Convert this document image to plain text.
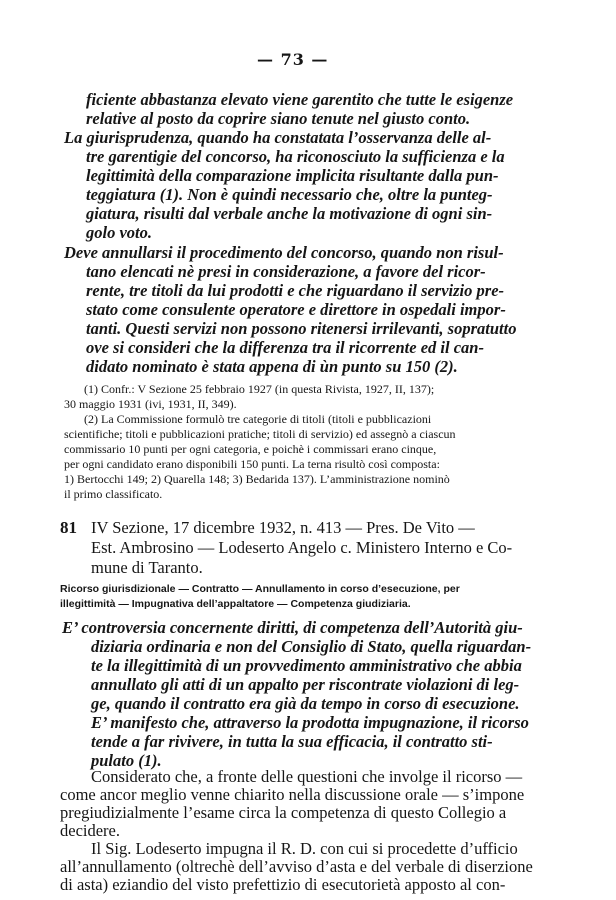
— 73 —
ficiente abbastanza elevato viene garentito che tutte le esigenze
relative al posto da coprire siano tenute nel giusto conto.
La giurisprudenza, quando ha constatata l’osservanza delle al-
tre garentigie del concorso, ha riconosciuto la sufficienza e la
legittimità della comparazione implicita risultante dalla pun-
teggiatura (1). Non è quindi necessario che, oltre la punteg-
giatura, risulti dal verbale anche la motivazione di ogni sin-
golo voto.
Deve annullarsi il procedimento del concorso, quando non risul-
tano elencati nè presi in considerazione, a favore del ricor-
rente, tre titoli da lui prodotti e che riguardano il servizio pre-
stato come consulente operatore e direttore in ospedali impor-
tanti. Questi servizi non possono ritenersi irrilevanti, sopratutto
ove si consideri che la differenza tra il ricorrente ed il can-
didato nominato è stata appena di ùn punto su 150 (2).
(1) Confr.: V Sezione 25 febbraio 1927 (in questa Rivista, 1927, II, 137);
30 maggio 1931 (ivi, 1931, II, 349).
(2) La Commissione formulò tre categorie di titoli (titoli e pubblicazioni
scientifiche; titoli e pubblicazioni pratiche; titoli di servizio) ed assegnò a ciascun
commissario 10 punti per ogni categoria, e poichè i commissari erano cinque,
per ogni candidato erano disponibili 150 punti. La terna risultò così composta:
1) Bertocchi 149; 2) Quarella 148; 3) Bedarida 137). L’amministrazione nominò
il primo classificato.
81 IV Sezione, 17 dicembre 1932, n. 413 — Pres. De Vito —
Est. Ambrosino — Lodeserto Angelo c. Ministero Interno e Co-
mune di Taranto.
Ricorso giurisdizionale — Contratto — Annullamento in corso d’esecuzione, per
illegittimità — Impugnativa dell’appaltatore — Competenza giudiziaria.
E’ controversia concernente diritti, di competenza dell’Autorità giu-
diziaria ordinaria e non del Consiglio di Stato, quella riguardan-
te la illegittimità di un provvedimento amministrativo che abbia
annullato gli atti di un appalto per riscontrate violazioni di leg-
ge, quando il contratto era già da tempo in corso di esecuzione.
E’ manifesto che, attraverso la prodotta impugnazione, il ricorso
tende a far rivivere, in tutta la sua efficacia, il contratto sti-
pulato (1).
Considerato che, a fronte delle questioni che involge il ricorso —
come ancor meglio venne chiarito nella discussione orale — s’impone
pregiudizialmente l’esame circa la competenza di questo Collegio a
decidere.
Il Sig. Lodeserto impugna il R. D. con cui si procedette d’ufficio
all’annullamento (oltrechè dell’avviso d’asta e del verbale di diserzione
di asta) eziandio del visto prefettizio di esecutorietà apposto al con-
